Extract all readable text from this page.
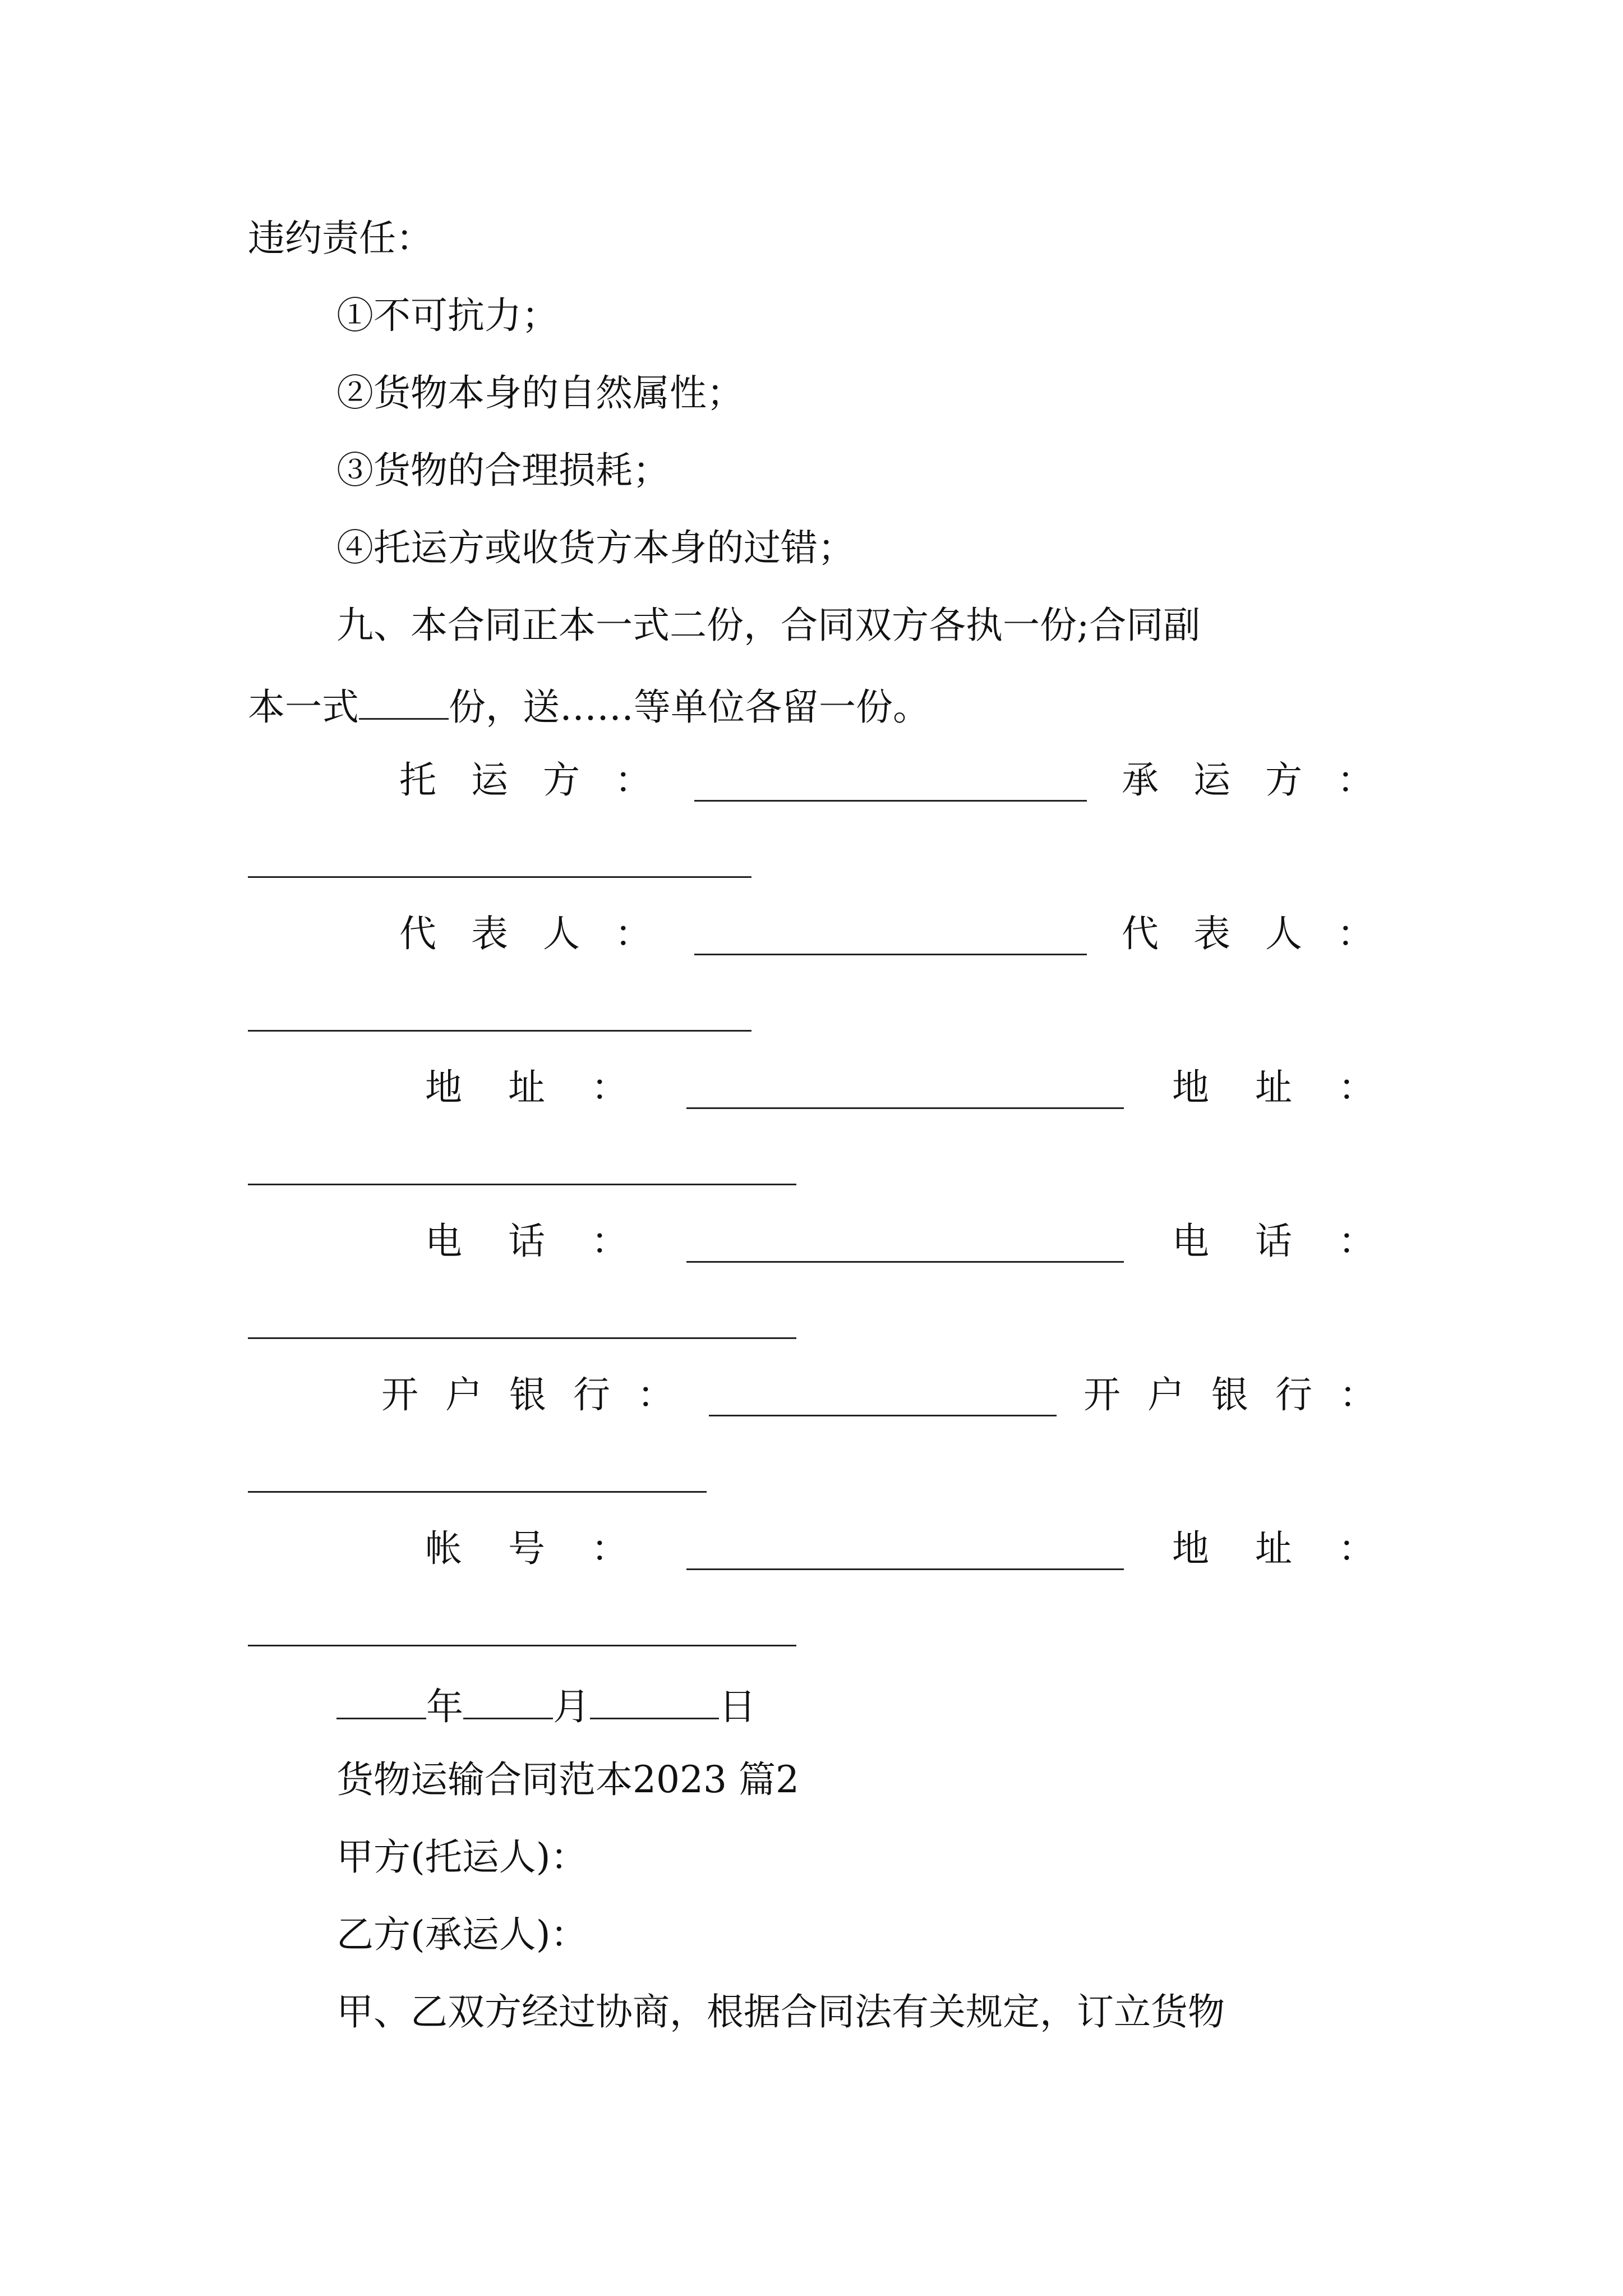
违约责任：
①不可抗力；
②货物本身的自然属性；
③货物的合理损耗；
④托运方或收货方本身的过错；
九、本合同正本一式二份，合同双方各执一份;合同副
本一式 份，送……等单位各留一份。
托运方：	承运方：
代表人：	代表人：
地址：	地址：
电话：	电话：
开户银行：	开户银行：
帐号：	地址：
年 月	日
货物运输合同范本2023 篇2
甲方(托运人)：
乙方(承运人)：
甲、乙双方经过协商，根据合同法有关规定，订立货物
